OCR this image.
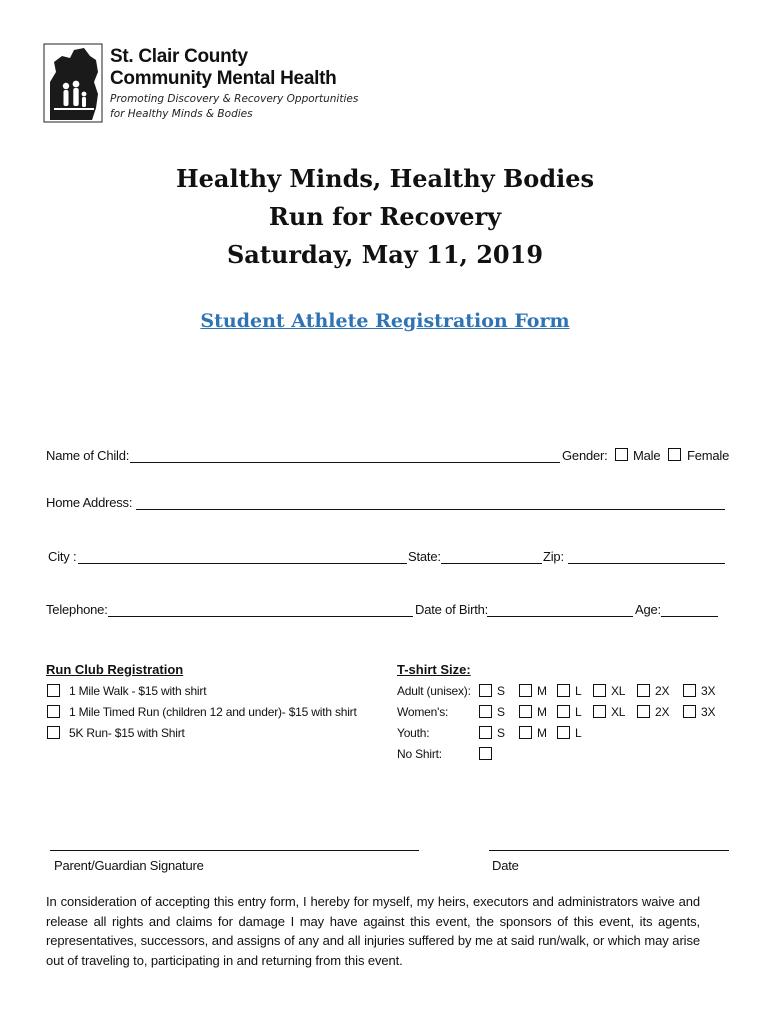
St. Clair County
Community Mental Health
Promoting Discovery & Recovery Opportunities
for Healthy Minds & Bodies
Healthy Minds, Healthy Bodies
Run for Recovery
Saturday, May 11, 2019
Student Athlete Registration Form
Name of Child:	Gender: Male Female
Home Address:
City :	State:	Zip:
Telephone:	Date of Birth:	Age:
Run Club Registration
1 Mile Walk - $15 with shirt
1 Mile Timed Run (children 12 and under)- $15 with shirt
5K Run- $15 with Shirt
T-shirt Size:
Adult (unisex): S	M L XL 2X	3X
Women's:	S	M L XL 2X	3X
Youth:	S	M L
No Shirt:
Parent/Guardian Signature	Date
In consideration of accepting this entry form, I hereby for myself, my heirs, executors and administrators waive and release all rights and claims for damage I may have against this event, the sponsors of this event, its agents, representatives, successors, and assigns of any and all injuries suffered by me at said run/walk, or which may arise out of traveling to, participating in and returning from this event.
